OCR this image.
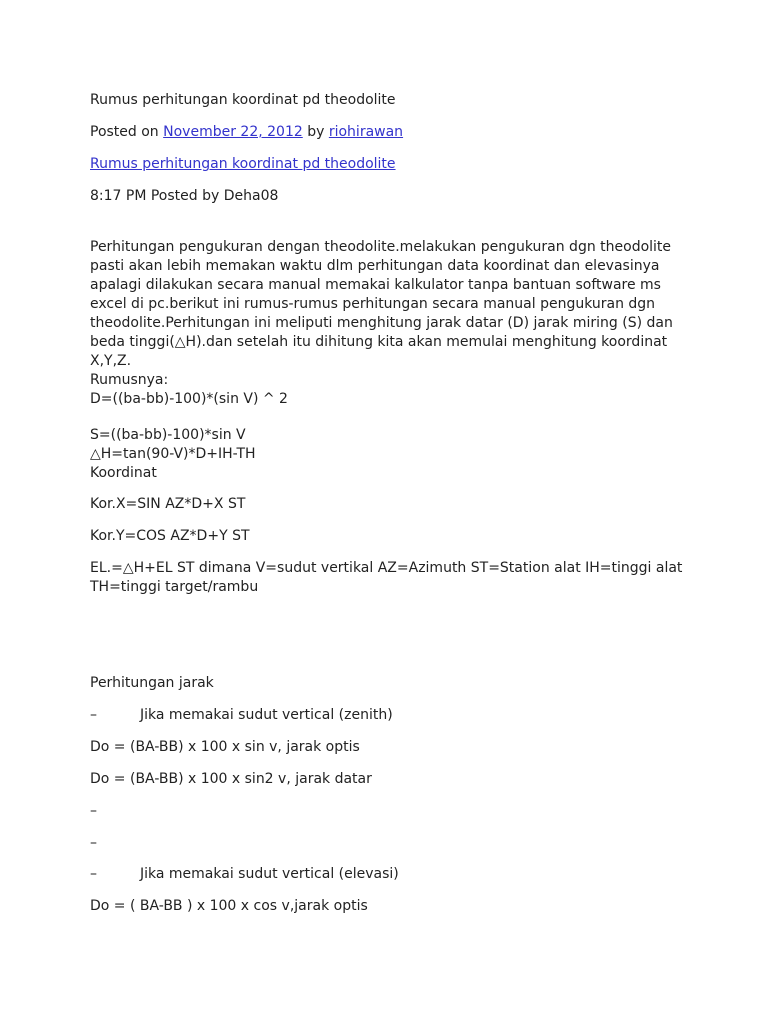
Rumus perhitungan koordinat pd theodolite
Posted on November 22, 2012 by riohirawan
Rumus perhitungan koordinat pd theodolite
8:17 PM Posted by Deha08
Perhitungan pengukuran dengan theodolite.melakukan pengukuran dgn theodolite
pasti akan lebih memakan waktu dlm perhitungan data koordinat dan elevasinya
apalagi dilakukan secara manual memakai kalkulator tanpa bantuan software ms
excel di pc.berikut ini rumus-rumus perhitungan secara manual pengukuran dgn
theodolite.Perhitungan ini meliputi menghitung jarak datar (D) jarak miring (S) dan
beda tinggi(△H).dan setelah itu dihitung kita akan memulai menghitung koordinat
X,Y,Z.
Rumusnya:
D=((ba-bb)-100)*(sin V) ^ 2
S=((ba-bb)-100)*sin V
△H=tan(90-V)*D+IH-TH
Koordinat
Kor.X=SIN AZ*D+X ST
Kor.Y=COS AZ*D+Y ST
EL.=△H+EL ST dimana V=sudut vertikal AZ=Azimuth ST=Station alat IH=tinggi alat
TH=tinggi target/rambu
Perhitungan jarak
–	Jika memakai sudut vertical (zenith)
Do = (BA-BB) x 100 x sin v, jarak optis
Do = (BA-BB) x 100 x sin2 v, jarak datar
–
–
–	Jika memakai sudut vertical (elevasi)
Do = ( BA-BB ) x 100 x cos v,jarak optis
